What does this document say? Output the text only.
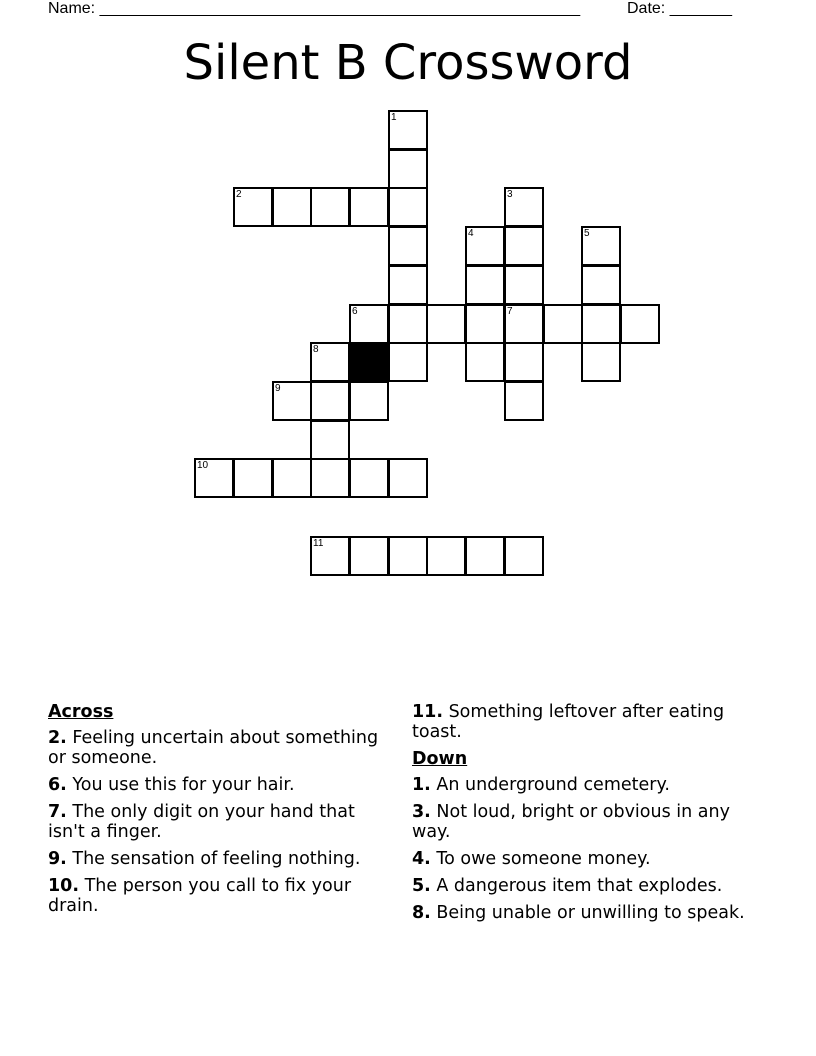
Name: ______________________________________________________	Date: _______
Silent B Crossword
1
2	3
7
4	5
6
8
9
10
11
Across
2. Feeling uncertain about something or someone.
6. You use this for your hair.
7. The only digit on your hand that isn't a finger.
9. The sensation of feeling nothing.
10. The person you call to fix your drain.
11. Something leftover after eating toast.
Down
1. An underground cemetery.
3. Not loud, bright or obvious in any way.
4. To owe someone money.
5. A dangerous item that explodes.
8. Being unable or unwilling to speak.
